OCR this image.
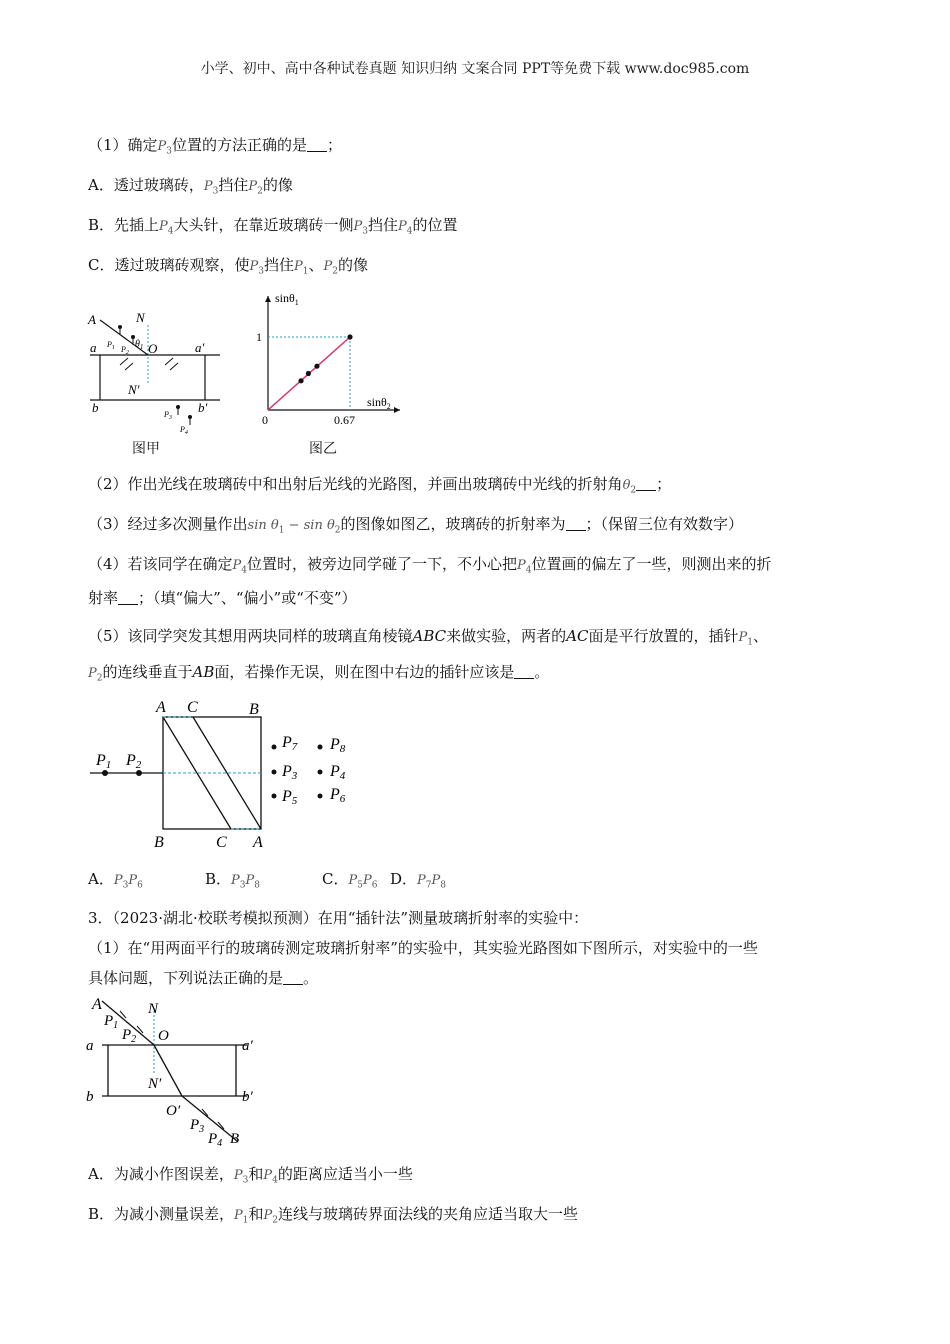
小学、初中、高中各种试卷真题 知识归纳 文案合同 PPT等免费下载 www.doc985.com
（1）确定$P_3$位置的方法正确的是 ；
A．透过玻璃砖，$P_3$挡住$P_2$的像
B．先插上$P_4$大头针，在靠近玻璃砖一侧$P_3$挡住$P_4$的位置
C．透过玻璃砖观察，使$P_3$挡住$P_1$、$P_2$的像
A	N
a $P_1$ $P_2$
$\theta_1$ O	a′
N′
b	b′
$P_3$
$P_4$
图甲
sinθ$_1$
sinθ$_2$
0	0.67
1
图乙
（2）作出光线在玻璃砖中和出射后光线的光路图，并画出玻璃砖中光线的折射角$\theta_2$ ；
（3）经过多次测量作出$\sin \theta_1 - \sin \theta_2$的图像如图乙，玻璃砖的折射率为 ；（保留三位有效数字）
（4）若该同学在确定$P_4$位置时，被旁边同学碰了一下，不小心把$P_4$位置画的偏左了一些，则测出来的折
射率 ；（填“偏大”、“偏小”或“不变”）
（5）该同学突发其想用两块同样的玻璃直角棱镜ABC来做实验，两者的AC面是平行放置的，插针$P_1$、
$P_2$的连线垂直于AB面，若操作无误，则在图中右边的插针应该是 。
A C	B
B	C A
P1 P2
P7 P8
P3 P4
P5 P6
A．$P_3P_6$	B．$P_3P_8$	C．$P_5P_6$ D．$P_7P_8$
3．（2023·湖北·校联考模拟预测）在用“插针法”测量玻璃折射率的实验中：
（1）在“用两面平行的玻璃砖测定玻璃折射率”的实验中，其实验光路图如下图所示，对实验中的一些
具体问题，下列说法正确的是 。
A
$P_1$
N
$P_2$ O
a	a′
N′
b	b′
O′
$P_3$
$P_4$ B
A．为减小作图误差，$P_3$和$P_4$的距离应适当小一些
B．为减小测量误差，$P_1$和$P_2$连线与玻璃砖界面法线的夹角应适当取大一些
